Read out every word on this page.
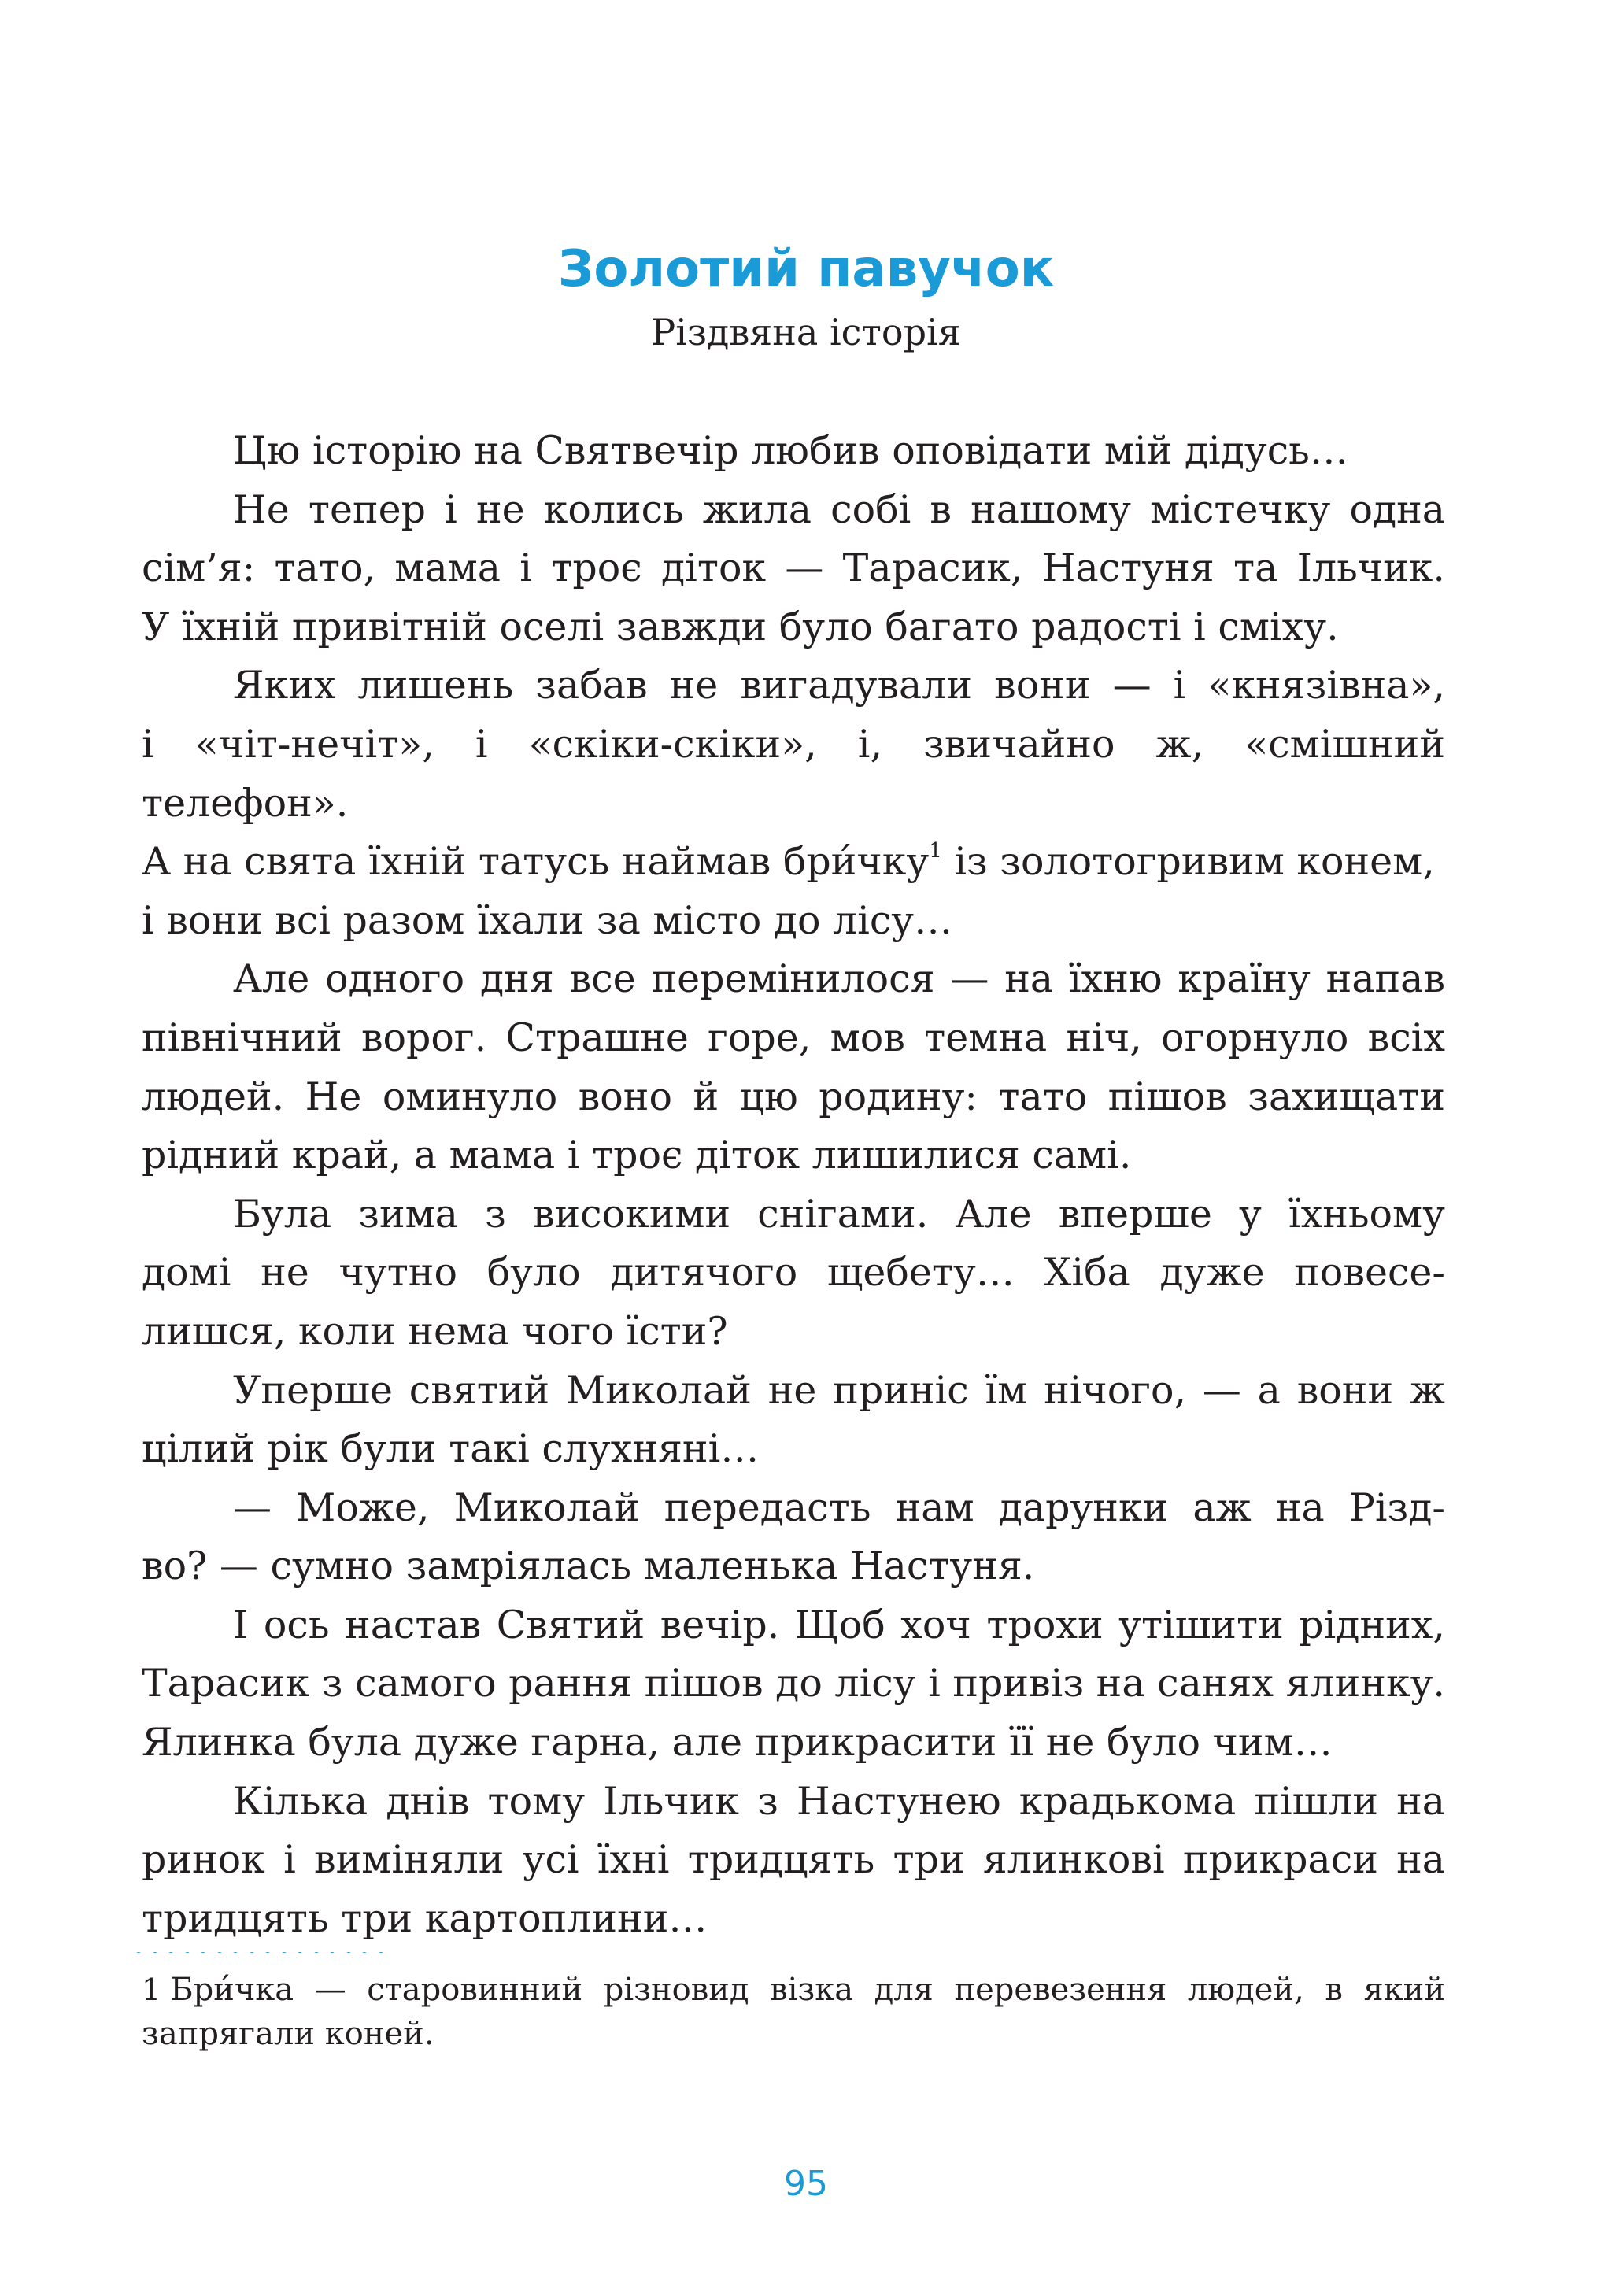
Золотий павучок
Різдвяна історія

Цю історію на Святвечір любив оповідати мій дідусь…

Не тепер і не колись жила собі в нашому містечку одна
сім’я: тато, мама і троє діток — Тарасик, Настуня та Ільчик.
У їхній привітній оселі завжди було багато радості і сміху.

Яких лишень забав не вигадували вони — і «князівна»,
і «чіт-нечіт», і «скіки-скіки», і, звичайно ж, «смішний телефон».
А на свята їхній татусь наймав бри́чку$^1$ із золотогривим конем,
і вони всі разом їхали за місто до лісу…

Але одного дня все перемінилося — на їхню країну напав
північний ворог. Страшне горе, мов темна ніч, огорнуло всіх
людей. Не оминуло воно й цю родину: тато пішов захищати
рідний край, а мама і троє діток лишилися самі.

Була зима з високими снігами. Але вперше у їхньому
домі не чутно було дитячого щебету… Хіба дуже повесе-
лишся, коли нема чого їсти?

Уперше святий Миколай не приніс їм нічого, — а вони ж
цілий рік були такі слухняні…

— Може, Миколай передасть нам дарунки аж на Різд-
во? — сумно замріялась маленька Настуня.

І ось настав Святий вечір. Щоб хоч трохи утішити рідних,
Тарасик з самого рання пішов до лісу і привіз на санях ялинку.
Ялинка була дуже гарна, але прикрасити її не було чим…

Кілька днів тому Ільчик з Настунею крадькома пішли на
ринок і виміняли усі їхні тридцять три ялинкові прикраси на
тридцять три картоплини…

1 Бри́чка — старовинний різновид візка для перевезення людей, в який
запрягали коней.
95
